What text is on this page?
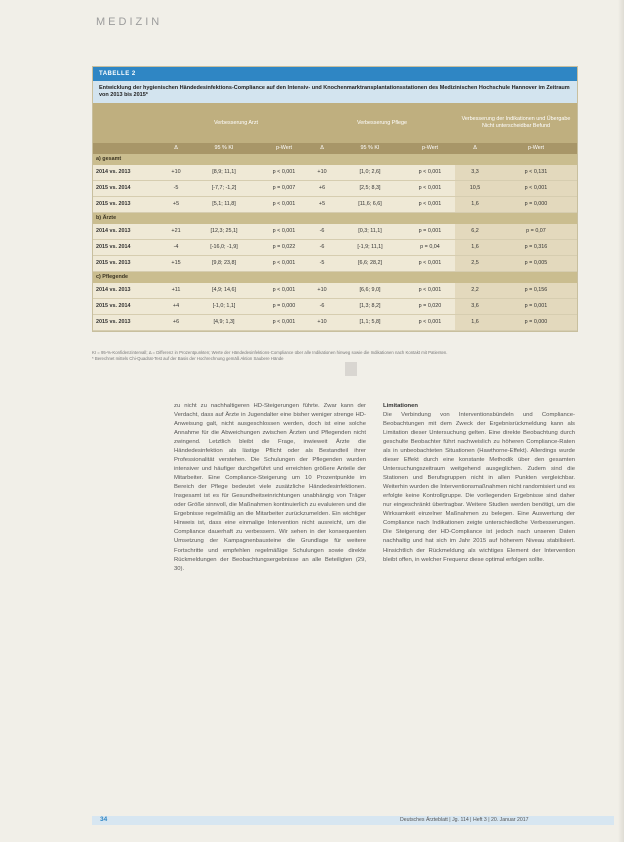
MEDIZIN
TABELLE 2
Entwicklung der hygienischen Händedesinfektions-Compliance auf den Intensiv- und Knochenmarktransplantationsstationen des Medizinischen Hochschule Hannover im Zeitraum von 2013 bis 2015*
	Verbesserung Arzt			Verbesserung Pflege			Verbesserung der Indikationen und Übergabe Nicht unterscheidbar Befund	
	Δ	95 % KI	p-Wert	Δ	95 % KI	p-Wert	Δ	p-Wert
a) gesamt								
2014 vs. 2013	+10	[8,9; 11,1]	p < 0,001	+10	[1,0; 2,6]	p < 0,001	3,3	p < 0,131
2015 vs. 2014	-5	[-7,7; -1,2]	p = 0,007	+6	[2,5; 8,3]	p < 0,001	10,5	p < 0,001
2015 vs. 2013	+5	[5,1; 11,8]	p < 0,001	+5	[11,6; 6,6]	p < 0,001	1,6	p = 0,000
b) Ärzte								
2014 vs. 2013	+21	[12,3; 25,1]	p < 0,001	-6	[0,3; 11,1]	p = 0,001	6,2	p = 0,07
2015 vs. 2014	-4	[-16,0; -1,9]	p = 0,022	-6	[-1,9; 11,1]	p = 0,04	1,6	p = 0,316
2015 vs. 2013	+15	[9,8; 23,8]	p < 0,001	-5	[6,6; 28,2]	p < 0,001	2,5	p = 0,005
c) Pflegende								
2014 vs. 2013	+11	[4,9; 14,6]	p < 0,001	+10	[6,6; 9,0]	p < 0,001	2,2	p = 0,156
2015 vs. 2014	+4	[-1,0; 1,1]	p = 0,000	-6	[1,3; 8,2]	p = 0,020	3,6	p = 0,001
2015 vs. 2013	+6	[4,9; 1,3]	p < 0,001	+10	[1,1; 5,8]	p < 0,001	1,6	p = 0,000
KI = 95-%-Konfidenzintervall; Δ = Differenz in Prozentpunkten; Werte der Händedesinfektions-Compliance über alle Indikationen hinweg sowie die Indikationen nach Kontakt mit Patienten.
* Berechnet mittels Chi-Quadrat-Test auf der Basis der Hochrechnung gemäß Aktion Saubere Hände

zu nicht zu nachhaltigeren HD-Steigerungen führte. Zwar kann der Verdacht, dass auf Ärzte in Jugendalter eine bisher weniger strenge HD-Anweisung galt, nicht ausgeschlossen werden, doch ist eine solche Annahme für die Abweichungen zwischen Ärzten und Pflegenden nicht zwingend. Letztlich bleibt die Frage, inwieweit Ärzte die Händedesinfektion als lästige Pflicht oder als Bestandteil ihrer Professionalität verstehen. Die Schulungen der Pflegenden wurden intensiver und häufiger durchgeführt und erreichten größere Anteile der Mitarbeiter. Eine Compliance-Steigerung um 10 Prozentpunkte im Bereich der Pflege bedeutet viele zusätzliche Händedesinfektionen. Insgesamt ist es für Gesundheitseinrichtungen unabhängig von Träger oder Größe sinnvoll, die Maßnahmen kontinuierlich zu evaluieren und die Ergebnisse regelmäßig an die Mitarbeiter zurückzumelden. Ein wichtiger Hinweis ist, dass eine einmalige Intervention nicht ausreicht, um die Compliance dauerhaft zu verbessern. Wir sehen in der konsequenten Umsetzung der Kampagnenbausteine die Grundlage für weitere Fortschritte und empfehlen regelmäßige Schulungen sowie direkte Rückmeldungen der Beobachtungsergebnisse an alle Beteiligten (29, 30).

Limitationen

Die Verbindung von Interventionsbündeln und Compliance-Beobachtungen mit dem Zweck der Ergebnisrückmeldung kann als Limitation dieser Untersuchung gelten. Eine direkte Beobachtung durch geschulte Beobachter führt nachweislich zu höheren Compliance-Raten als in unbeobachteten Situationen (Hawthorne-Effekt). Allerdings wurde dieser Effekt durch eine konstante Methodik über den gesamten Untersuchungszeitraum weitgehend ausgeglichen. Zudem sind die Stationen und Berufsgruppen nicht in allen Punkten vergleichbar. Weiterhin wurden die Interventionsmaßnahmen nicht randomisiert und es erfolgte keine Kontrollgruppe. Die vorliegenden Ergebnisse sind daher nur eingeschränkt übertragbar. Weitere Studien werden benötigt, um die Wirksamkeit einzelner Maßnahmen zu belegen. Eine Auswertung der Compliance nach Indikationen zeigte unterschiedliche Verbesserungen. Die Steigerung der HD-Compliance ist jedoch nach unseren Daten nachhaltig und hat sich im Jahr 2015 auf höherem Niveau stabilisiert. Hinsichtlich der Rückmeldung als wichtiges Element der Intervention bleibt offen, in welcher Frequenz diese optimal erfolgen sollte.

34	Deutsches Ärzteblatt | Jg. 114 | Heft 3 | 20. Januar 2017
